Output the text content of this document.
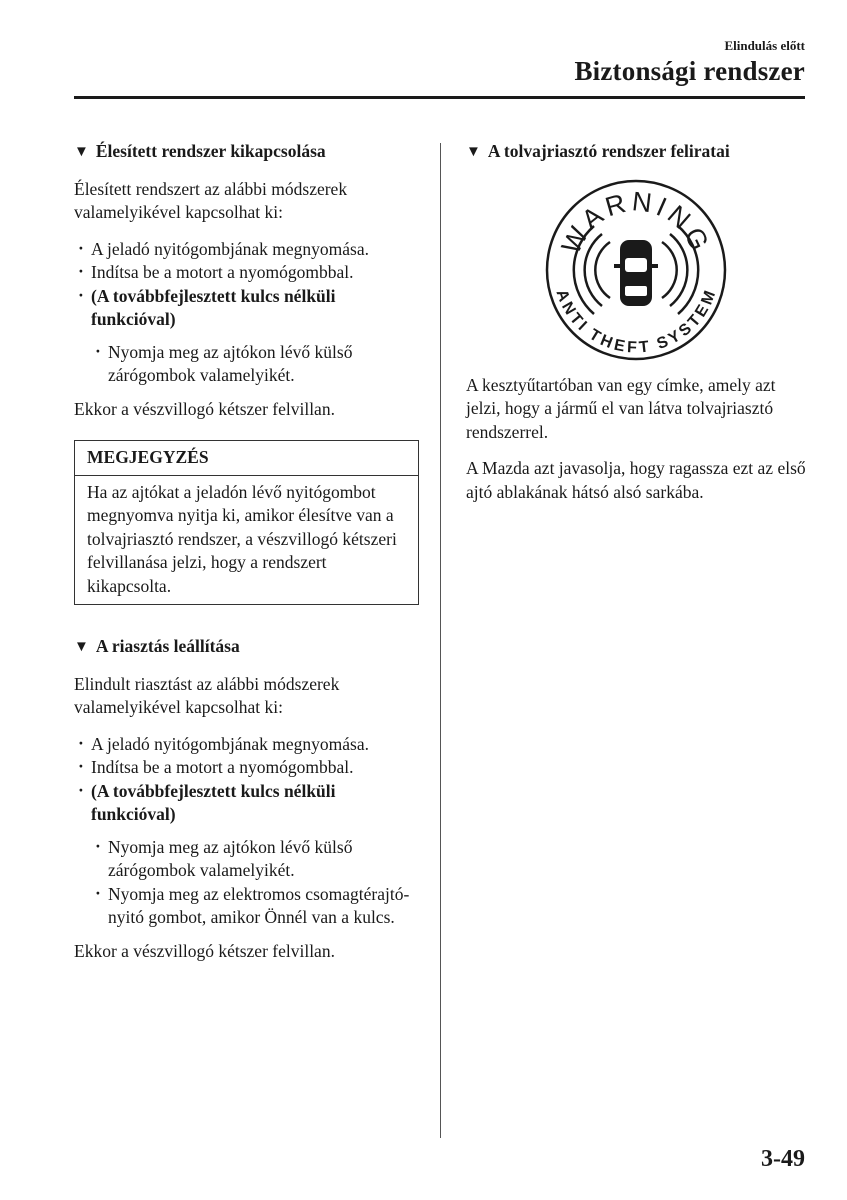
Elindulás előtt
Biztonsági rendszer
▼ Élesített rendszer kikapcsolása

Élesített rendszert az alábbi módszerek valamelyikével kapcsolhat ki:

· A jeladó nyitógombjának megnyomása.
· Indítsa be a motort a nyomógombbal.
· (A továbbfejlesztett kulcs nélküli funkcióval)
· Nyomja meg az ajtókon lévő külső zárógombok valamelyikét.

Ekkor a vészvillogó kétszer felvillan.

MEGJEGYZÉS
Ha az ajtókat a jeladón lévő nyitógombot megnyomva nyitja ki, amikor élesítve van a tolvajriasztó rendszer, a vészvillogó kétszeri felvillanása jelzi, hogy a rendszert kikapcsolta.
▼ A riasztás leállítása

Elindult riasztást az alábbi módszerek valamelyikével kapcsolhat ki:

· A jeladó nyitógombjának megnyomása.
· Indítsa be a motort a nyomógombbal.
· (A továbbfejlesztett kulcs nélküli funkcióval)
· Nyomja meg az ajtókon lévő külső zárógombok valamelyikét.
· Nyomja meg az elektromos csomagtérajtó-nyitó gombot, amikor Önnél van a kulcs.

Ekkor a vészvillogó kétszer felvillan.

▼ A tolvajriasztó rendszer feliratai
WARNING
ANTI THEFT SYSTEM

A kesztyűtartóban van egy címke, amely azt jelzi, hogy a jármű el van látva tolvajriasztó rendszerrel.

A Mazda azt javasolja, hogy ragassza ezt az első ajtó ablakának hátsó alsó sarkába.

3-49
